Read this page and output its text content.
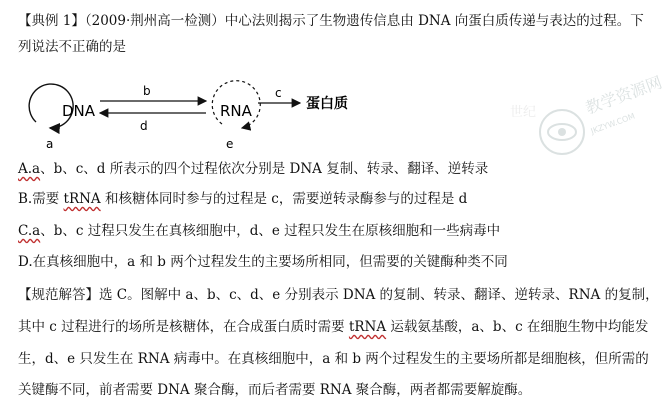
【典例 1】（2009·荆州高一检测）中心法则揭示了生物遗传信息由 DNA 向蛋白质传递与表达的过程。下
列说法不正确的是
DNA
a
b
d
RNA
e
c
蛋白质	教学资源网
JKZYW.COM
世纪
A.a、b、c、d 所表示的四个过程依次分别是 DNA 复制、转录、翻译、逆转录
B.需要 tRNA 和核糖体同时参与的过程是 c，需要逆转录酶参与的过程是 d
C.a、b、c 过程只发生在真核细胞中，d、e 过程只发生在原核细胞和一些病毒中
D.在真核细胞中，a 和 b 两个过程发生的主要场所相同，但需要的关键酶种类不同
【规范解答】选 C。图解中 a、b、c、d、e 分别表示 DNA 的复制、转录、翻译、逆转录、RNA 的复制，
其中 c 过程进行的场所是核糖体，在合成蛋白质时需要 tRNA 运载氨基酸，a、b、c 在细胞生物中均能发
生，d、e 只发生在 RNA 病毒中。在真核细胞中，a 和 b 两个过程发生的主要场所都是细胞核，但所需的
关键酶不同，前者需要 DNA 聚合酶，而后者需要 RNA 聚合酶，两者都需要解旋酶。
